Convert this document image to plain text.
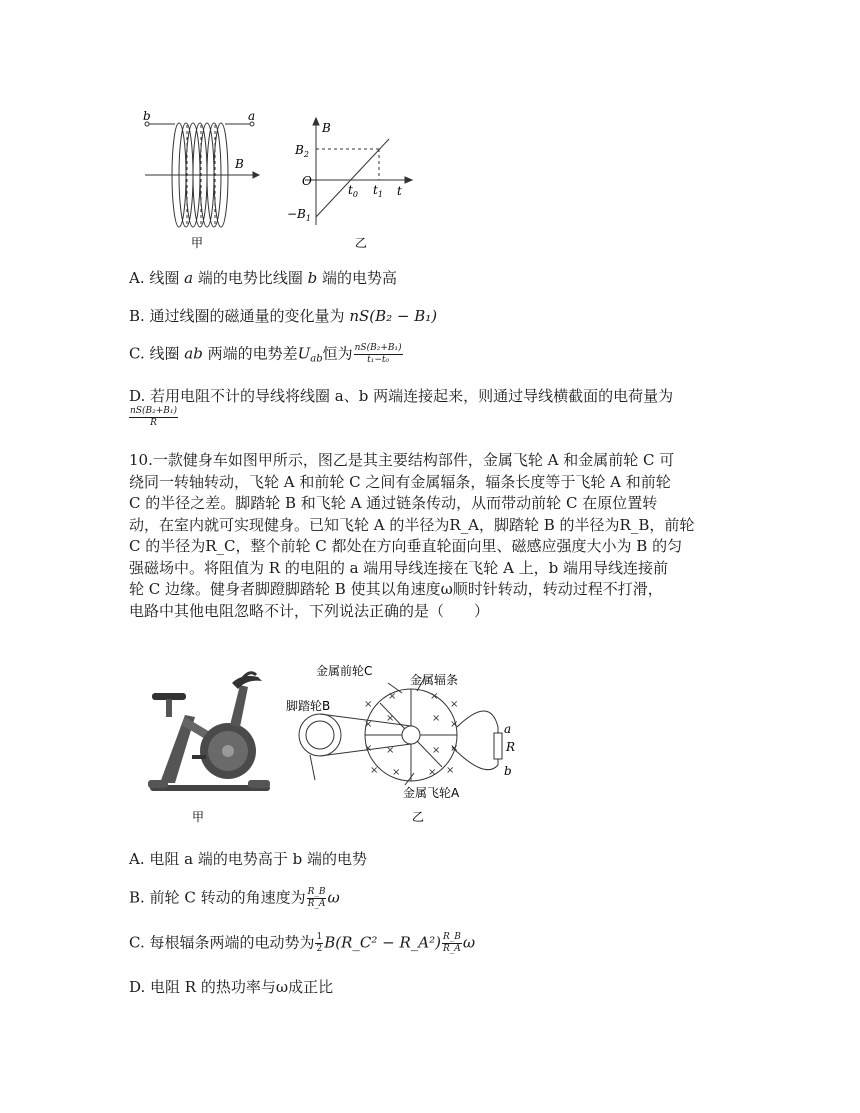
b	a
B
甲
B
$B_2$
O
$t_0$ $t_1$ t
$-B_1$
乙
A. 线圈 a 端的电势比线圈 b 端的电势高
B. 通过线圈的磁通量的变化量为 nS(B₂ − B₁)
C. 线圈 ab 两端的电势差$U_{ab}$恒为 $\frac{\text{nS(B₂+B₁)}}{\text{t₁−t₀}}$
D. 若用电阻不计的导线将线圈 a、b 两端连接起来，则通过导线横截面的电荷量为
$\frac{\text{nS(B₂+B₁)}}{R}$
10.一款健身车如图甲所示，图乙是其主要结构部件，金属飞轮 A 和金属前轮 C 可
绕同一转轴转动，飞轮 A 和前轮 C 之间有金属辐条，辐条长度等于飞轮 A 和前轮
C 的半径之差。脚踏轮 B 和飞轮 A 通过链条传动，从而带动前轮 C 在原位置转
动，在室内就可实现健身。已知飞轮 A 的半径为R_A，脚踏轮 B 的半径为R_B，前轮
C 的半径为R_C，整个前轮 C 都处在方向垂直轮面向里、磁感应强度大小为 B 的匀
强磁场中。将阻值为 R 的电阻的 a 端用导线连接在飞轮 A 上，b 端用导线连接前
轮 C 边缘。健身者脚蹬脚踏轮 B 使其以角速度ω顺时针转动，转动过程不打滑，
电路中其他电阻忽略不计，下列说法正确的是（　　）
甲
×
×	×
×
×
×	×
×
× ×	× ×
× ×	× ×
金属前轮C
金属辐条
脚踏轮B
金属飞轮A
a
R
b
乙
A. 电阻 a 端的电势高于 b 端的电势
B. 前轮 C 转动的角速度为 $\frac{R\_B}{R\_A}$ ω
C. 每根辐条两端的电动势为 $\frac{1}{2}$ B(R_C² − R_A²) $\frac{R\_B}{R\_A}$ ω
D. 电阻 R 的热功率与ω成正比
